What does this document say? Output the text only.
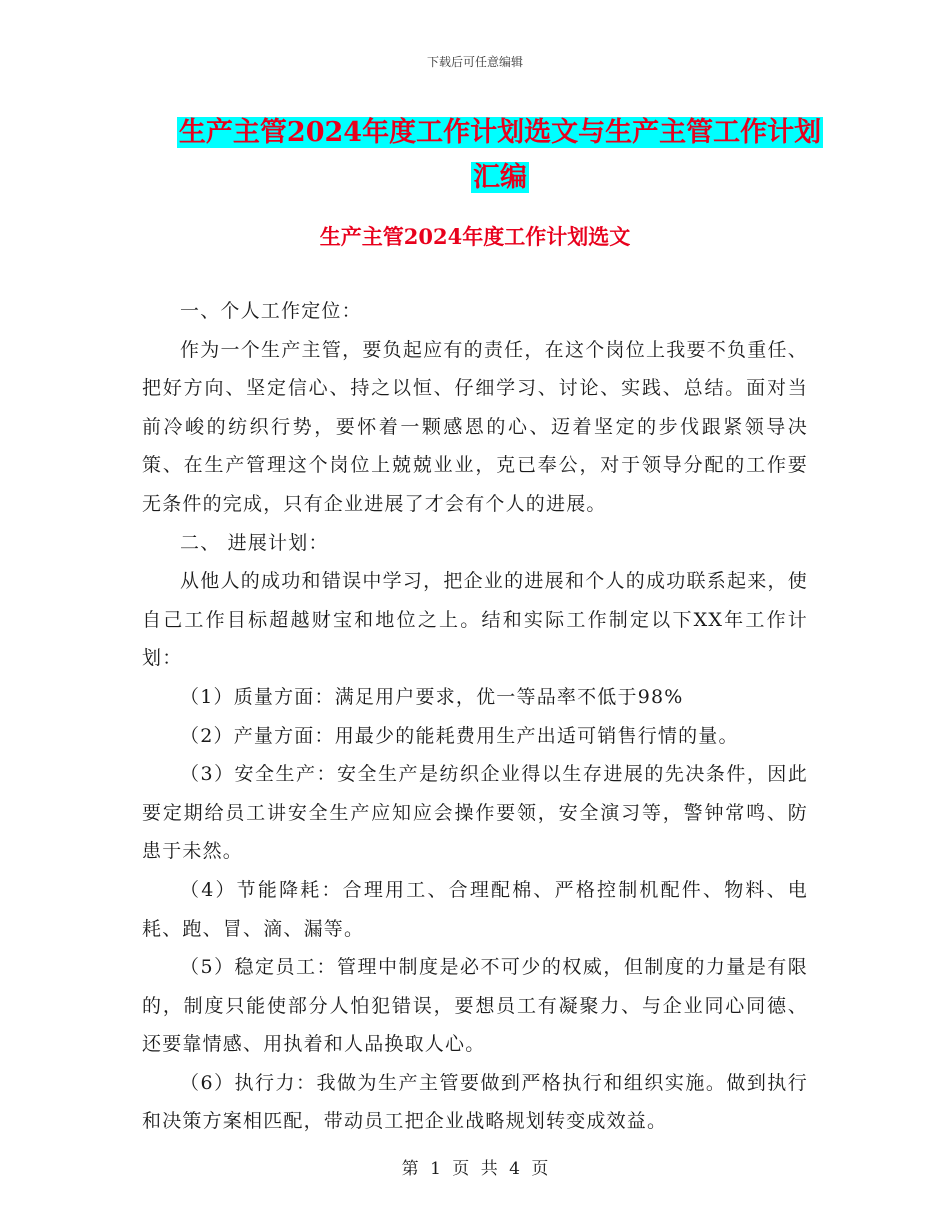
下载后可任意编辑
生产主管2024年度工作计划选文与生产主管工作计划
汇编
生产主管2024年度工作计划选文

一、个人工作定位：

作为一个生产主管，要负起应有的责任，在这个岗位上我要不负重任、把好方向、坚定信心、持之以恒、仔细学习、讨论、实践、总结。面对当前冷峻的纺织行势，要怀着一颗感恩的心、迈着坚定的步伐跟紧领导决策、在生产管理这个岗位上兢兢业业，克已奉公，对于领导分配的工作要无条件的完成，只有企业进展了才会有个人的进展。

二、 进展计划：

从他人的成功和错误中学习，把企业的进展和个人的成功联系起来，使自己工作目标超越财宝和地位之上。结和实际工作制定以下XX年工作计划：

（1）质量方面：满足用户要求，优一等品率不低于98%

（2）产量方面：用最少的能耗费用生产出适可销售行情的量。

（3）安全生产：安全生产是纺织企业得以生存进展的先决条件，因此要定期给员工讲安全生产应知应会操作要领，安全演习等，警钟常鸣、防患于未然。

（4）节能降耗：合理用工、合理配棉、严格控制机配件、物料、电耗、跑、冒、滴、漏等。

（5）稳定员工：管理中制度是必不可少的权威，但制度的力量是有限的，制度只能使部分人怕犯错误，要想员工有凝聚力、与企业同心同德、还要靠情感、用执着和人品换取人心。

（6）执行力：我做为生产主管要做到严格执行和组织实施。做到执行和决策方案相匹配，带动员工把企业战略规划转变成效益。

第 1 页 共 4 页
